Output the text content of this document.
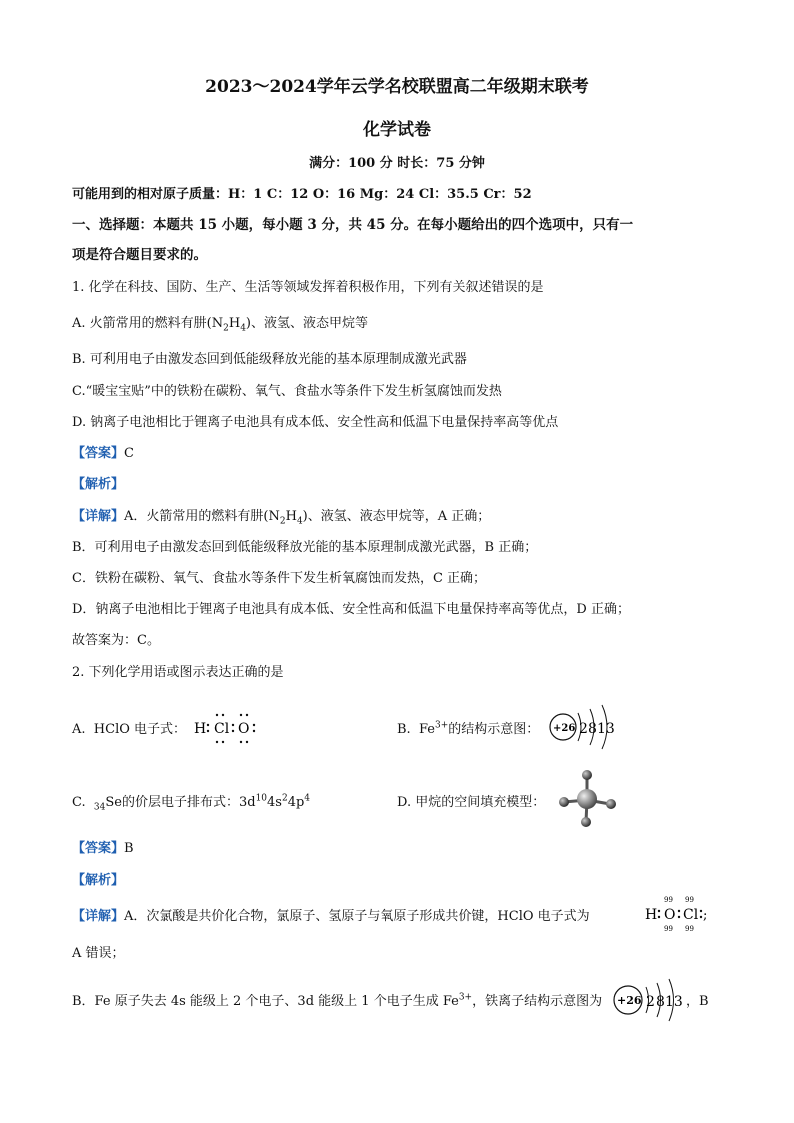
2023～2024学年云学名校联盟高二年级期末联考
化学试卷
满分：100 分 时长：75 分钟
可能用到的相对原子质量：H：1 C：12 O：16 Mg：24 Cl：35.5 Cr：52
一、选择题：本题共 15 小题，每小题 3 分，共 45 分。在每小题给出的四个选项中，只有一
项是符合题目要求的。
1. 化学在科技、国防、生产、生活等领域发挥着积极作用，下列有关叙述错误的是
A. 火箭常用的燃料有肼$(N_2H_4)$、液氢、液态甲烷等
B. 可利用电子由激发态回到低能级释放光能的基本原理制成激光武器
C.“暖宝宝贴”中的铁粉在碳粉、氧气、食盐水等条件下发生析氢腐蚀而发热
D. 钠离子电池相比于锂离子电池具有成本低、安全性高和低温下电量保持率高等优点
【答案】C
【解析】
【详解】A．火箭常用的燃料有肼$(N_2H_4)$、液氢、液态甲烷等，A 正确；
B．可利用电子由激发态回到低能级释放光能的基本原理制成激光武器，B 正确；
C．铁粉在碳粉、氧气、食盐水等条件下发生析氧腐蚀而发热，C 正确；
D．钠离子电池相比于锂离子电池具有成本低、安全性高和低温下电量保持率高等优点，D 正确；
故答案为：C。
2. 下列化学用语或图示表达正确的是
A. HClO 电子式： H Cl O	B. $Fe^{3+}$的结构示意图： +26 2 8 13
C. $_{34}$Se的价层电子排布式：$3d^{10}4s^24p^4$	D. 甲烷的空间填充模型：
【答案】B
【解析】
【详解】A．次氯酸是共价化合物，氯原子、氢原子与氧原子形成共价键，HClO 电子式为	H O
99
99
Cl
99
99
;
A 错误；
B．Fe 原子失去 4s 能级上 2 个电子、3d 能级上 1 个电子生成 $Fe^{3+}$，铁离子结构示意图为 +26 2 8 13 ，B
